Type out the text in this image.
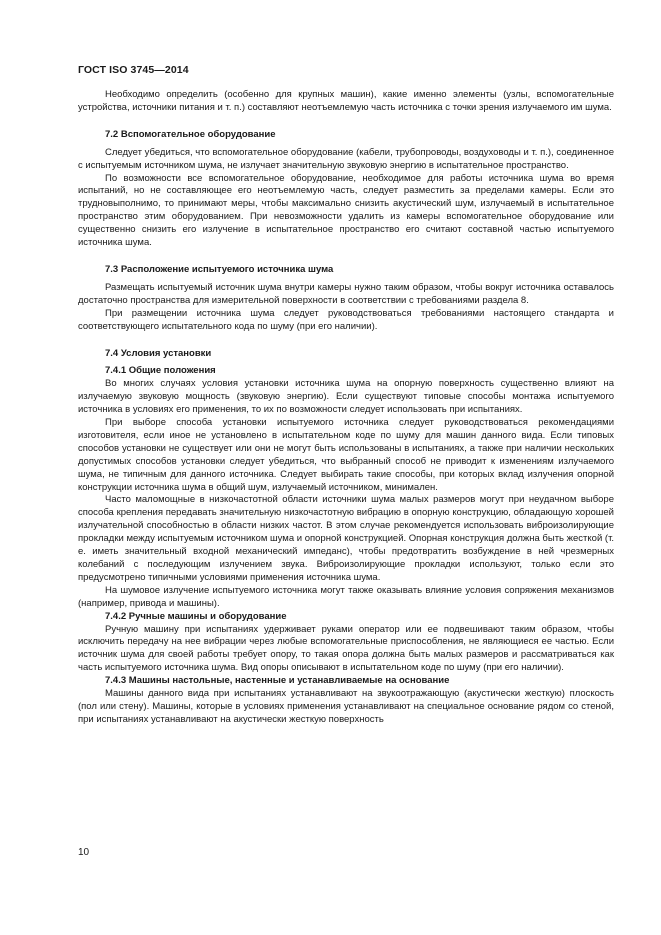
ГОСТ ISO 3745—2014

Необходимо определить (особенно для крупных машин), какие именно элементы (узлы, вспомогательные устройства, источники питания и т. п.) составляют неотъемлемую часть источника с точки зрения излучаемого им шума.

7.2 Вспомогательное оборудование

Следует убедиться, что вспомогательное оборудование (кабели, трубопроводы, воздуховоды и т. п.), соединенное с испытуемым источником шума, не излучает значительную звуковую энергию в испытательное пространство.

По возможности все вспомогательное оборудование, необходимое для работы источника шума во время испытаний, но не составляющее его неотъемлемую часть, следует разместить за пределами камеры. Если это трудновыполнимо, то принимают меры, чтобы максимально снизить акустический шум, излучаемый в испытательное пространство этим оборудованием. При невозможности удалить из камеры вспомогательное оборудование или существенно снизить его излучение в испытательное пространство его считают составной частью испытуемого источника шума.

7.3 Расположение испытуемого источника шума

Размещать испытуемый источник шума внутри камеры нужно таким образом, чтобы вокруг источника оставалось достаточно пространства для измерительной поверхности в соответствии с требованиями раздела 8.

При размещении источника шума следует руководствоваться требованиями настоящего стандарта и соответствующего испытательного кода по шуму (при его наличии).

7.4 Условия установки
7.4.1 Общие положения

Во многих случаях условия установки источника шума на опорную поверхность существенно влияют на излучаемую звуковую мощность (звуковую энергию). Если существуют типовые способы монтажа испытуемого источника в условиях его применения, то их по возможности следует использовать при испытаниях.

При выборе способа установки испытуемого источника следует руководствоваться рекомендациями изготовителя, если иное не установлено в испытательном коде по шуму для машин данного вида. Если типовых способов установки не существует или они не могут быть использованы в испытаниях, а также при наличии нескольких допустимых способов установки следует убедиться, что выбранный способ не приводит к изменениям излучаемого шума, не типичным для данного источника. Следует выбирать такие способы, при которых вклад излучения опорной конструкции источника шума в общий шум, излучаемый источником, минимален.

Часто маломощные в низкочастотной области источники шума малых размеров могут при неудачном выборе способа крепления передавать значительную низкочастотную вибрацию в опорную конструкцию, обладающую хорошей излучательной способностью в области низких частот. В этом случае рекомендуется использовать виброизолирующие прокладки между испытуемым источником шума и опорной конструкцией. Опорная конструкция должна быть жесткой (т. е. иметь значительный входной механический импеданс), чтобы предотвратить возбуждение в ней чрезмерных колебаний с последующим излучением звука. Виброизолирующие прокладки используют, только если это предусмотрено типичными условиями применения источника шума.

На шумовое излучение испытуемого источника могут также оказывать влияние условия сопряжения механизмов (например, привода и машины).

7.4.2 Ручные машины и оборудование

Ручную машину при испытаниях удерживает руками оператор или ее подвешивают таким образом, чтобы исключить передачу на нее вибрации через любые вспомогательные приспособления, не являющиеся ее частью. Если источник шума для своей работы требует опору, то такая опора должна быть малых размеров и рассматриваться как часть испытуемого источника шума. Вид опоры описывают в испытательном коде по шуму (при его наличии).

7.4.3 Машины настольные, настенные и устанавливаемые на основание

Машины данного вида при испытаниях устанавливают на звукоотражающую (акустически жесткую) плоскость (пол или стену). Машины, которые в условиях применения устанавливают на специальное основание рядом со стеной, при испытаниях устанавливают на акустически жесткую поверхность

10
